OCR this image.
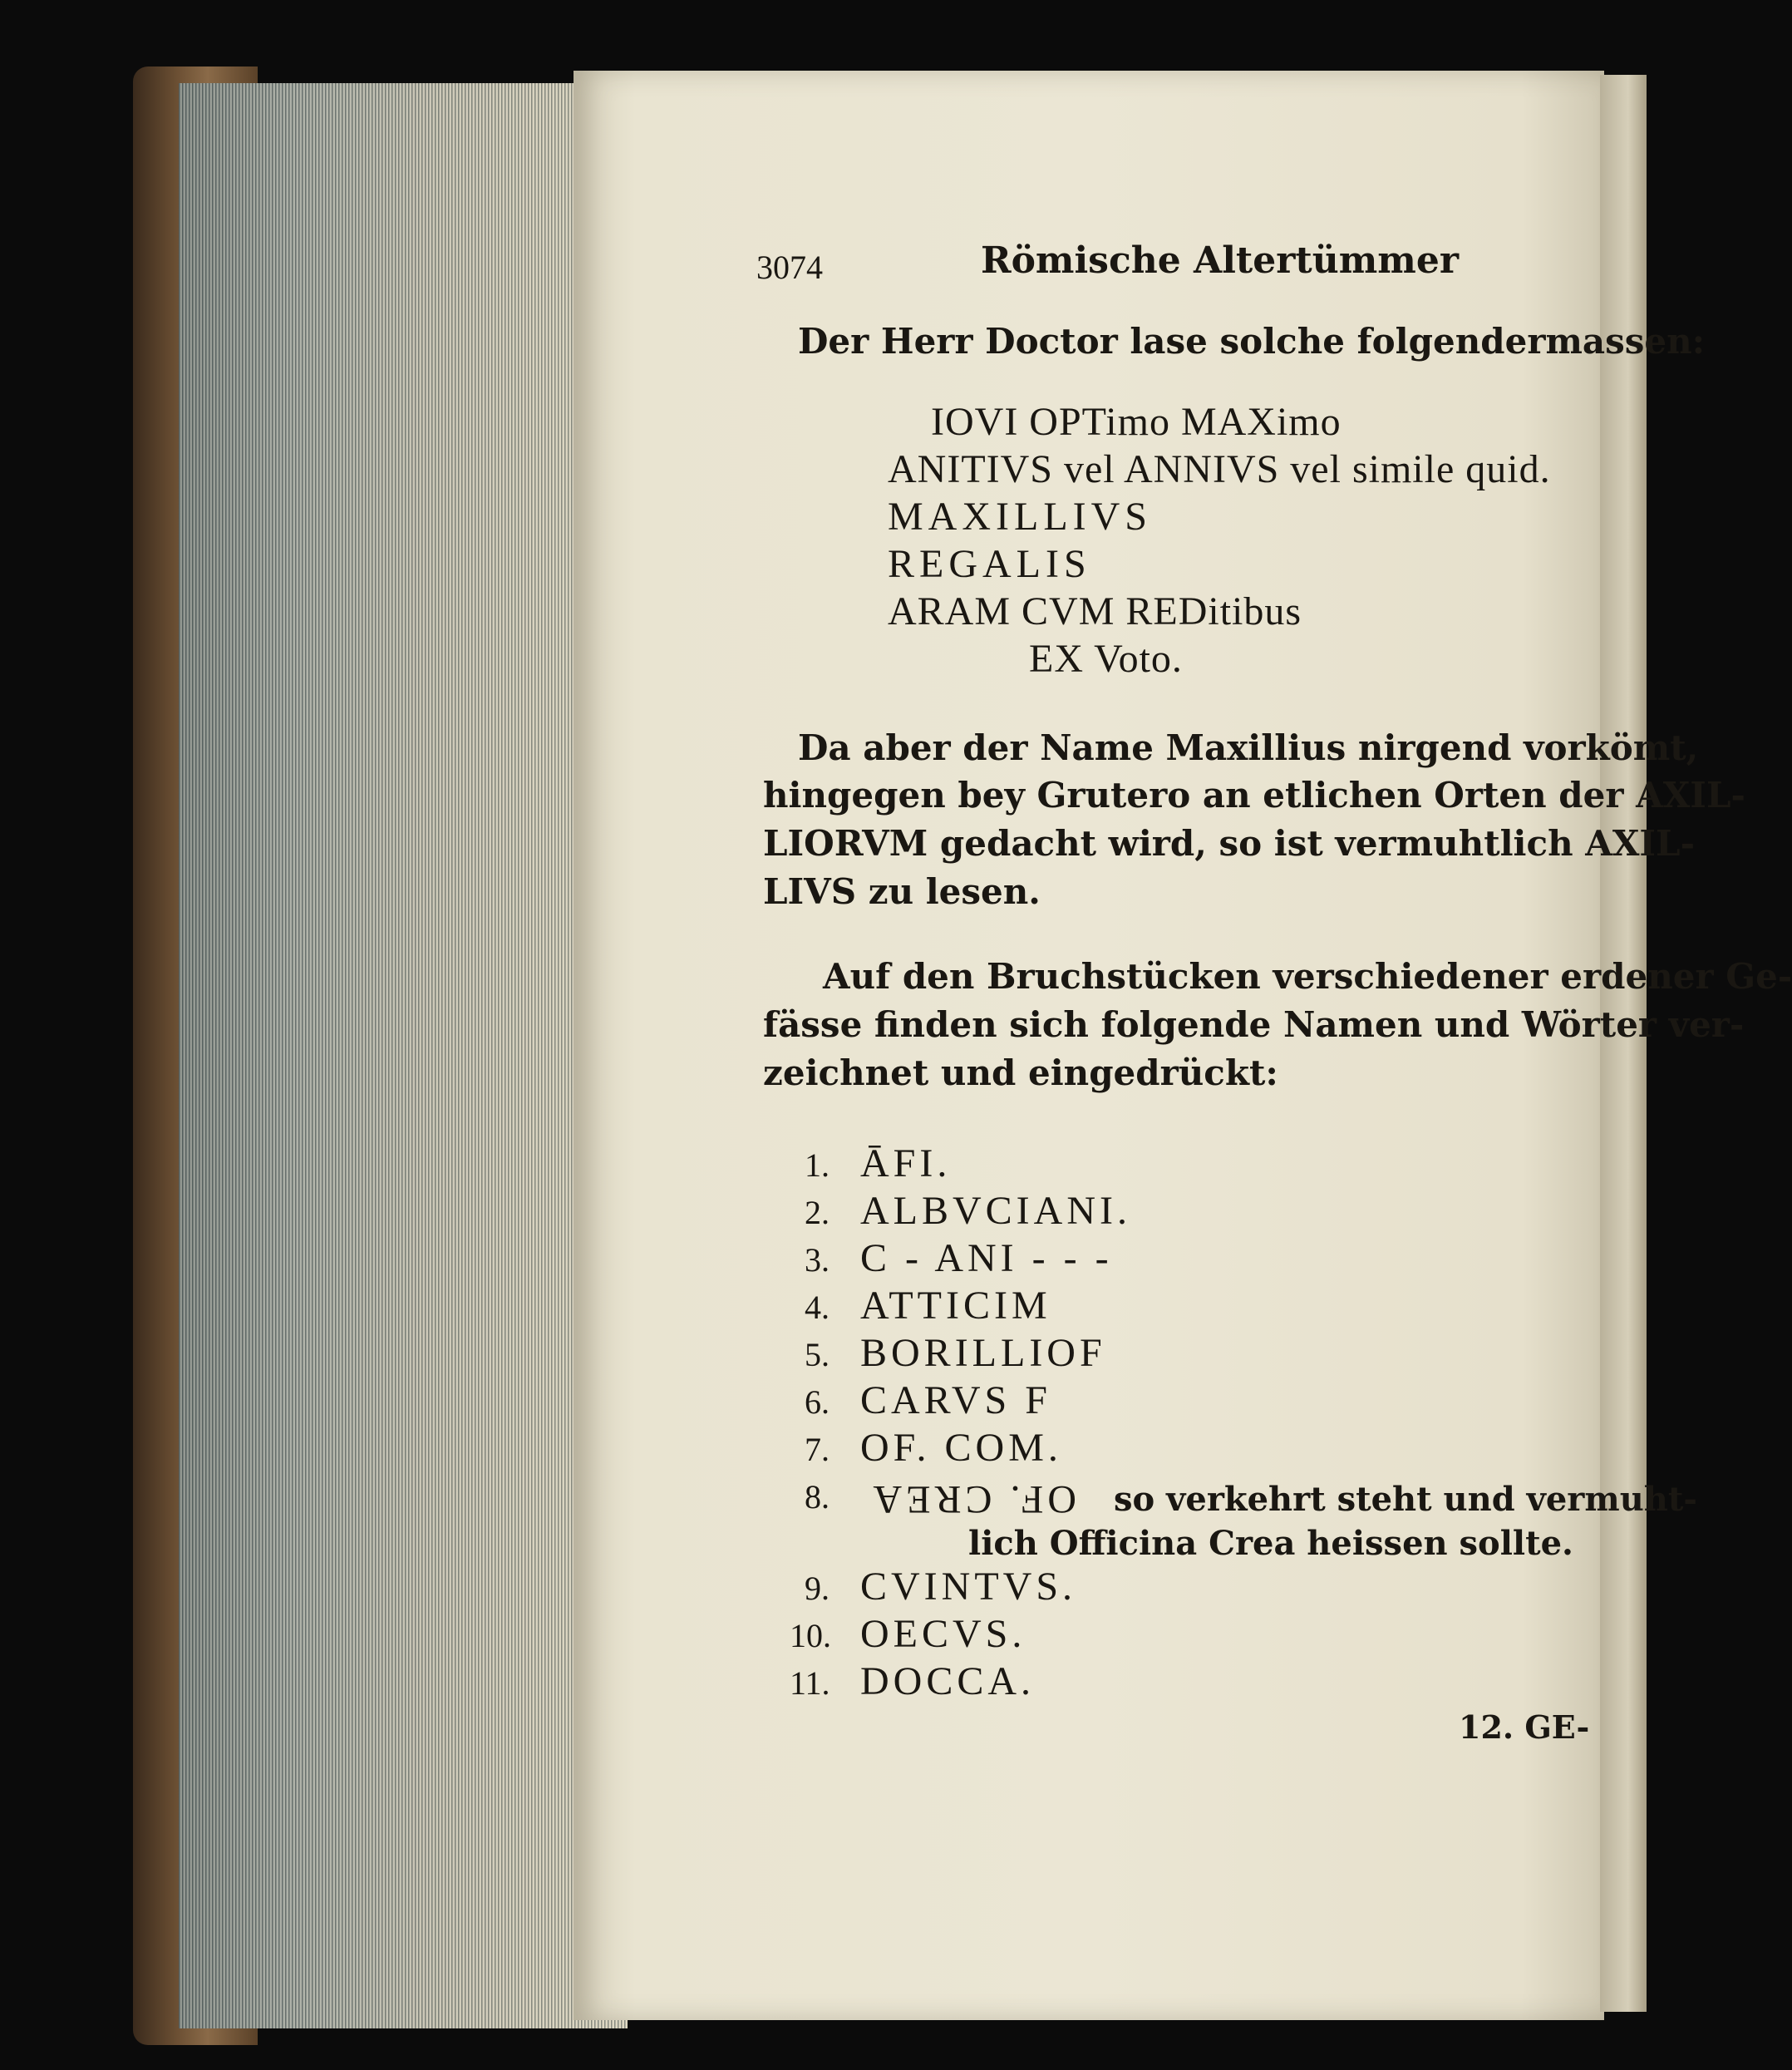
3074	Römische Altertümmer
Der Herr Doctor lase solche folgendermassen:
IOVI OPTimo MAXimo
ANITIVS vel ANNIVS vel simile quid.
MAXILLIVS
REGALIS
ARAM CVM REDitibus
EX Voto.
Da aber der Name Maxillius nirgend vorkömt,
hingegen bey Grutero an etlichen Orten der AXIL-
LIORVM gedacht wird, so ist vermuhtlich AXIL-
LIVS zu lesen.
Auf den Bruchstücken verschiedener erdener Ge-
fässe finden sich folgende Namen und Wörter ver-
zeichnet und eingedrückt:
1. ĀFI.
2. ALBVCIANI.
3. C - ANI - - -
4. ATTICIM
5. BORILLIOF
6. CARVS F
7. OF. COM.
8. OF. CREA
9. CVINTVS.
10. OECVS.
11. DOCCA.
so verkehrt steht und vermuht-
lich Officina Crea heissen sollte.
12. GE-
